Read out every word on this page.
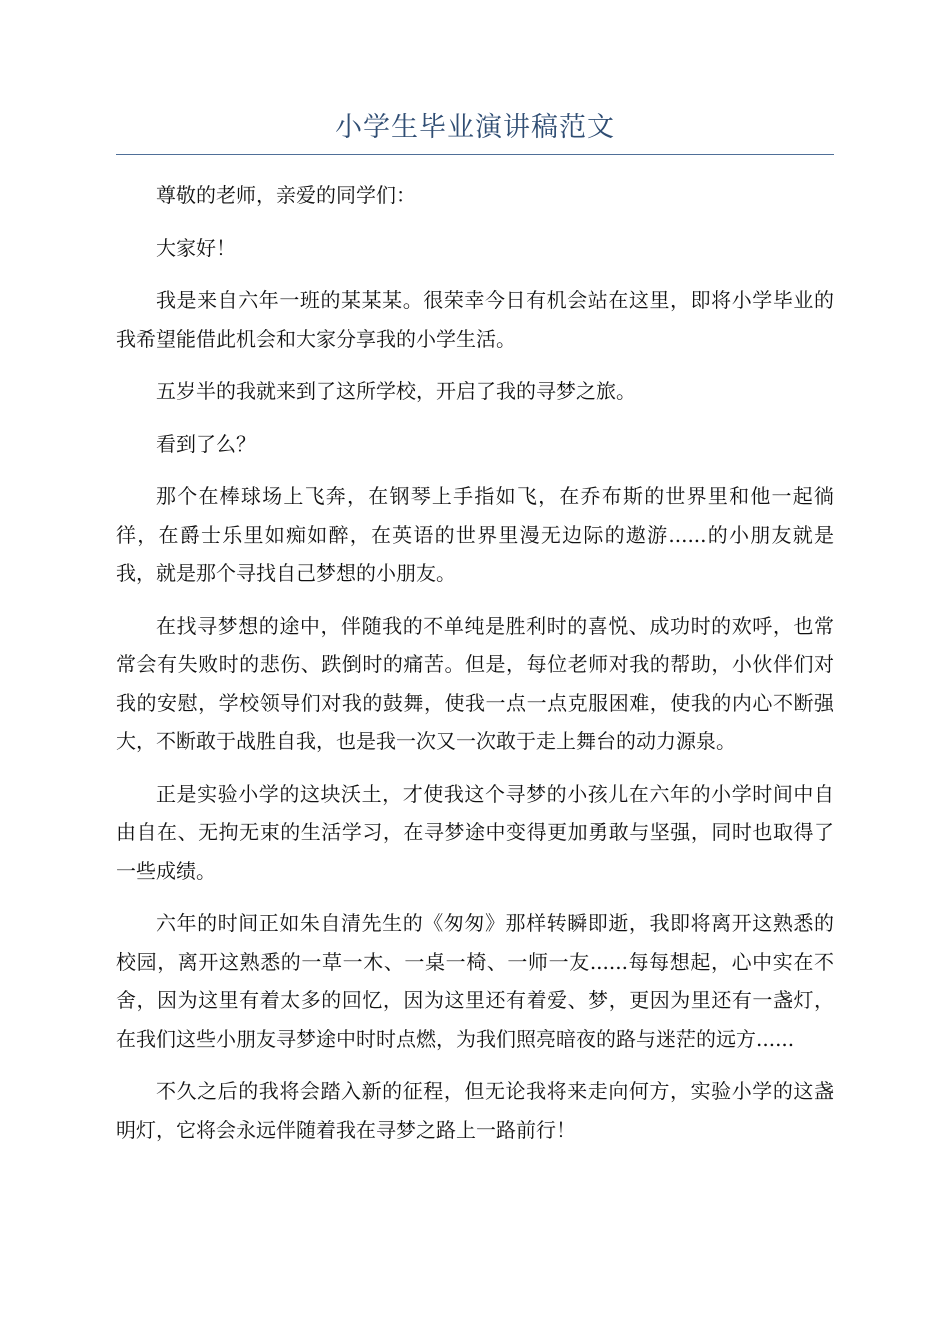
小学生毕业演讲稿范文

尊敬的老师，亲爱的同学们：

大家好！

我是来自六年一班的某某某。很荣幸今日有机会站在这里，即将小学毕业的我希望能借此机会和大家分享我的小学生活。

五岁半的我就来到了这所学校，开启了我的寻梦之旅。

看到了么？

那个在棒球场上飞奔，在钢琴上手指如飞，在乔布斯的世界里和他一起徜徉，在爵士乐里如痴如醉，在英语的世界里漫无边际的遨游......的小朋友就是我，就是那个寻找自己梦想的小朋友。

在找寻梦想的途中，伴随我的不单纯是胜利时的喜悦、成功时的欢呼，也常常会有失败时的悲伤、跌倒时的痛苦。但是，每位老师对我的帮助，小伙伴们对我的安慰，学校领导们对我的鼓舞，使我一点一点克服困难，使我的内心不断强大，不断敢于战胜自我，也是我一次又一次敢于走上舞台的动力源泉。

正是实验小学的这块沃土，才使我这个寻梦的小孩儿在六年的小学时间中自由自在、无拘无束的生活学习，在寻梦途中变得更加勇敢与坚强，同时也取得了一些成绩。

六年的时间正如朱自清先生的《匆匆》那样转瞬即逝，我即将离开这熟悉的校园，离开这熟悉的一草一木、一桌一椅、一师一友......每每想起，心中实在不舍，因为这里有着太多的回忆，因为这里还有着爱、梦，更因为里还有一盏灯，在我们这些小朋友寻梦途中时时点燃，为我们照亮暗夜的路与迷茫的远方......

不久之后的我将会踏入新的征程，但无论我将来走向何方，实验小学的这盏明灯，它将会永远伴随着我在寻梦之路上一路前行！
